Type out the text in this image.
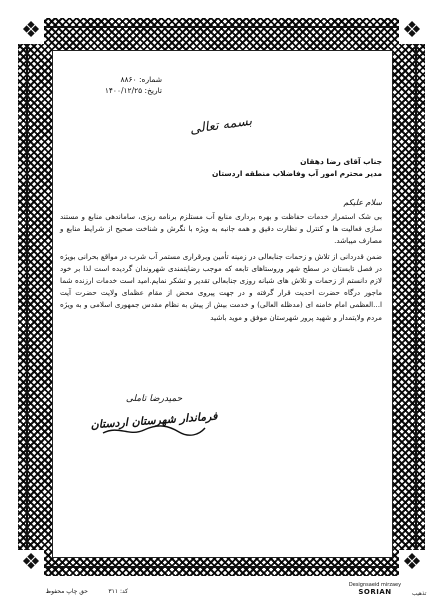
❖	❖
❖	❖
شماره: ۸۸۶۰
تاریخ: ۱۴۰۰/۱۲/۲۵
بسمه تعالی
جناب آقای رضا دهقان
مدیر محترم امور آب وفاضلاب منطقه اردستان
سلام علیکم

بی شک استمرار خدمات حفاظت و بهره برداری منابع آب مستلزم برنامه ریزی، ساماندهی منابع و مستند سازی فعالیت ها و کنترل و نظارت دقیق و همه جانبه به ویژه با نگرش و شناخت صحیح از شرایط منابع و مصارف میباشد.

ضمن قدردانی از تلاش و زحمات جنابعالی در زمینه تأمین وبرقراری مستمر آب شرب در مواقع بحرانی بویژه در فصل تابستان در سطح شهر وروستاهای تابعه که موجب رضایتمندی شهروندان گردیده است لذا بر خود لازم دانستم از زحمات و تلاش های شبانه روزی جنابعالی تقدیر و تشکر نمایم.امید است خدمات ارزنده شما ماجور درگاه حضرت احدیت قرار گرفته و در جهت پیروی محض از مقام عظمای ولایت حضرت آیت ا...العظمی امام خامنه ای (مدظله العالی) و خدمت بیش از پیش به نظام مقدس جمهوری اسلامی و به ویژه مردم ولایتمدار و شهید پرور شهرستان موفق و موید باشید

حمیدرضا تاملی
فرماندار شهرستان اردستان
کد: ۳۱۱
حق چاپ محفوظ
Designsaeid mirzaey
SORIAN	تذهیب
